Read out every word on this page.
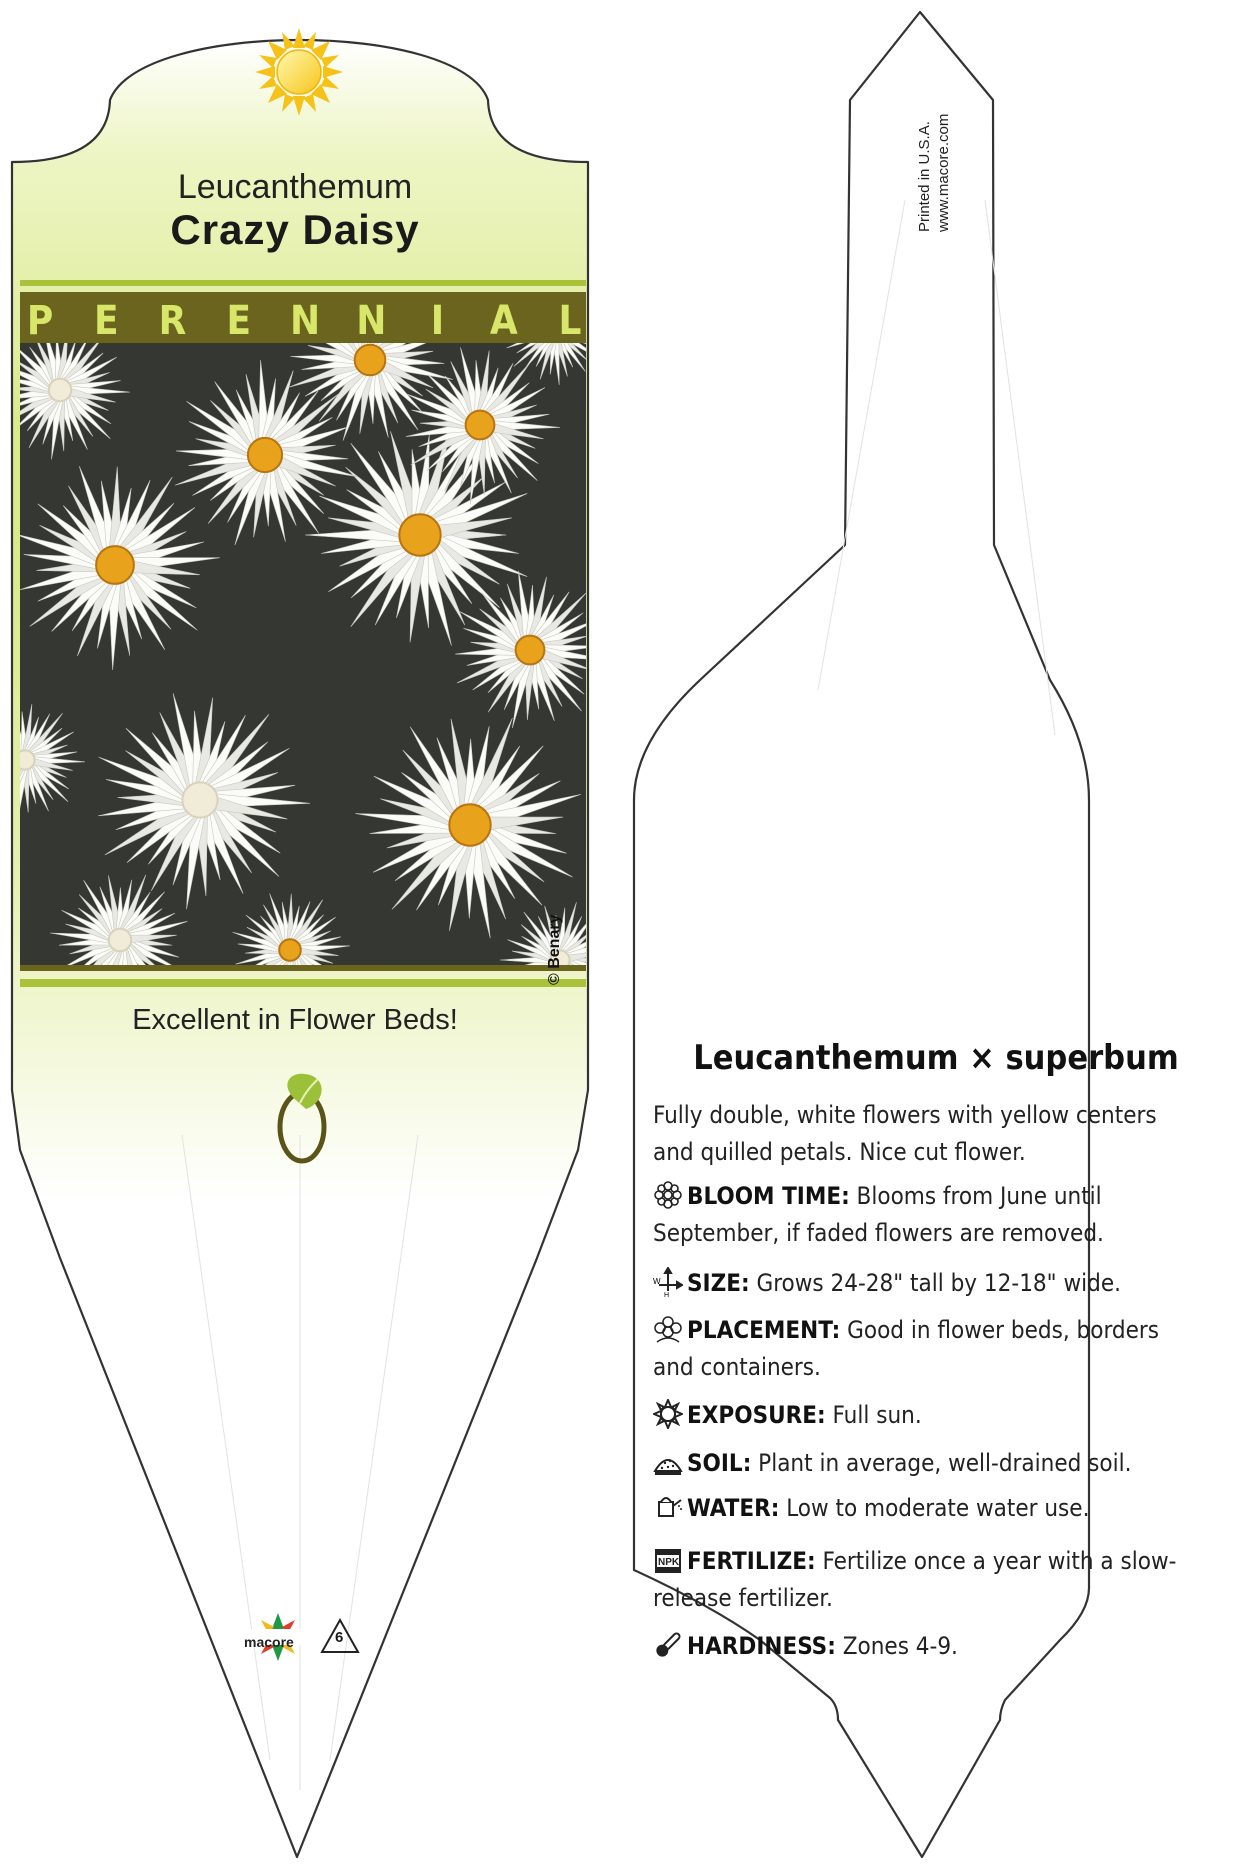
Leucanthemum
Crazy Daisy
P E R E N N	I	A L
© Benary
Excellent in Flower Beds!
macore	6
Printed in U.S.A. www.macore.com
Leucanthemum × superbum
Fully double, white flowers with yellow centers and quilled petals. Nice cut flower.
BLOOM TIME: Blooms from June until September, if faded flowers are removed.
W
H SIZE: Grows 24-28" tall by 12-18" wide.
PLACEMENT: Good in flower beds, borders and containers.
EXPOSURE: Full sun.
SOIL: Plant in average, well-drained soil.
WATER: Low to moderate water use.
NPK FERTILIZE: Fertilize once a year with a slow-release fertilizer.
HARDINESS: Zones 4-9.
